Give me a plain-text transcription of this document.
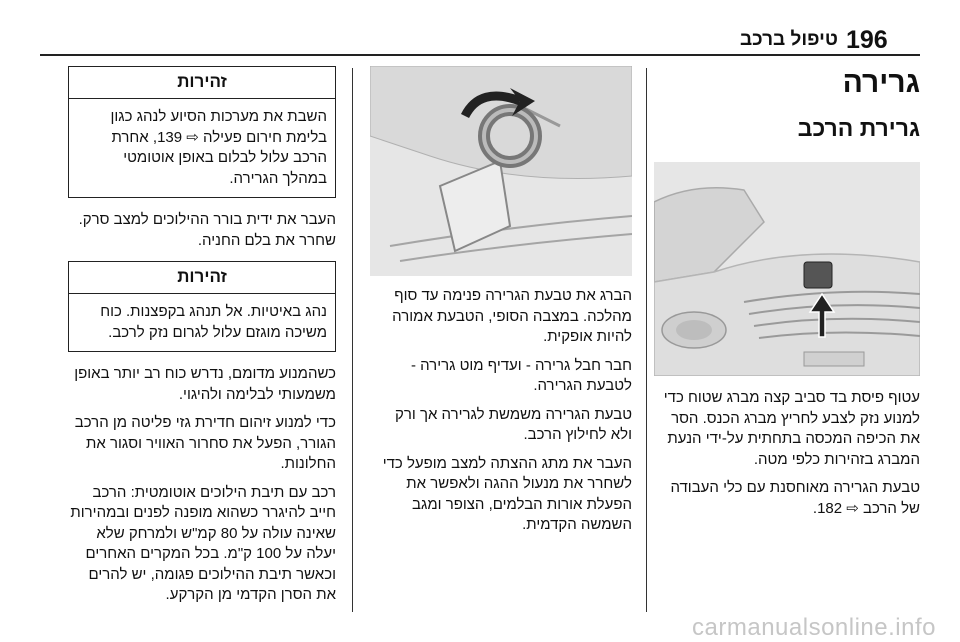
196
טיפול ברכב
גרירה
גרירת הרכב

עטוף פיסת בד סביב קצה מברג שטוח כדי למנוע נזק לצבע לחריץ מברג הכנס. הסר את הכיפה המכסה בתחתית על-ידי הנעת המברג בזהירות כלפי מטה.

טבעת הגרירה מאוחסנת עם כלי העבודה של הרכב ⇨ 182.

הברג את טבעת הגרירה פנימה עד סוף מהלכה. במצבה הסופי, הטבעת אמורה להיות אופקית.

חבר חבל גרירה - ועדיף מוט גרירה - לטבעת הגרירה.

טבעת הגרירה משמשת לגרירה אך ורק ולא לחילוץ הרכב.

העבר את מתג ההצתה למצב מופעל כדי לשחרר את מנעול ההגה ולאפשר את הפעלת אורות הבלמים, הצופר ומגב השמשה הקדמית.

זהירות

השבת את מערכות הסיוע לנהג כגון בלימת חירום פעילה ⇨ 139, אחרת הרכב עלול לבלום באופן אוטומטי במהלך הגרירה.

העבר את ידית בורר ההילוכים למצב סרק. שחרר את בלם החניה.

זהירות

נהג באיטיות. אל תנהג בקפצנות. כוח משיכה מוגזם עלול לגרום נזק לרכב.

כשהמנוע מדומם, נדרש כוח רב יותר באופן משמעותי לבלימה ולהיגוי.

כדי למנוע זיהום חדירת גזי פליטה מן הרכב הגורר, הפעל את סחרור האוויר וסגור את החלונות.

רכב עם תיבת הילוכים אוטומטית: הרכב חייב להיגרר כשהוא מופנה לפנים ובמהירות שאינה עולה על 80 קמ"ש ולמרחק שלא יעלה על 100 ק"מ. בכל המקרים האחרים וכאשר תיבת ההילוכים פגומה, יש להרים את הסרן הקדמי מן הקרקע.

carmanualsonline.info
